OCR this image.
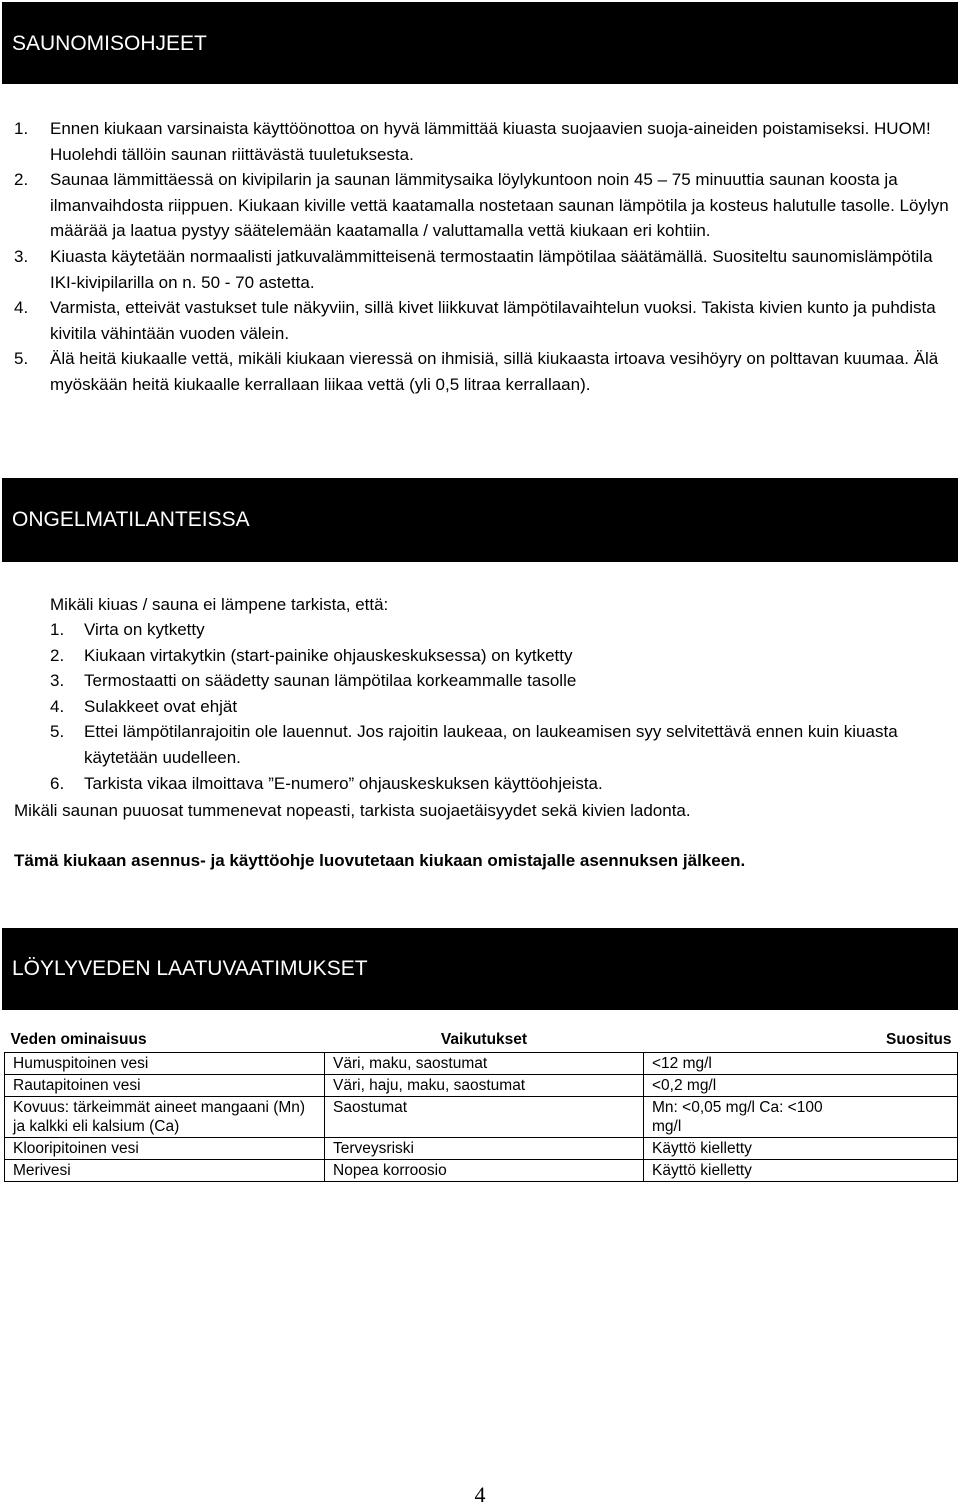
SAUNOMISOHJEET
1.	Ennen kiukaan varsinaista käyttöönottoa on hyvä lämmittää kiuasta suojaavien suoja-aineiden poistamiseksi. HUOM! Huolehdi tällöin saunan riittävästä tuuletuksesta.
2.	Saunaa lämmittäessä on kivipilarin ja saunan lämmitysaika löylykuntoon noin 45 – 75 minuuttia saunan koosta ja ilmanvaihdosta riippuen. Kiukaan kiville vettä kaatamalla nostetaan saunan lämpötila ja kosteus halutulle tasolle. Löylyn määrää ja laatua pystyy säätelemään kaatamalla / valuttamalla vettä kiukaan eri kohtiin.
3.	Kiuasta käytetään normaalisti jatkuvalämmitteisenä termostaatin lämpötilaa säätämällä. Suositeltu saunomislämpötila IKI-kivipilarilla on n. 50 - 70 astetta.
4.	Varmista, etteivät vastukset tule näkyviin, sillä kivet liikkuvat lämpötilavaihtelun vuoksi. Takista kivien kunto ja puhdista kivitila vähintään vuoden välein.
5.	Älä heitä kiukaalle vettä, mikäli kiukaan vieressä on ihmisiä, sillä kiukaasta irtoava vesihöyry on polttavan kuumaa. Älä myöskään heitä kiukaalle kerrallaan liikaa vettä (yli 0,5 litraa kerrallaan).
ONGELMATILANTEISSA
Mikäli kiuas / sauna ei lämpene tarkista, että:
1.	Virta on kytketty
2.	Kiukaan virtakytkin (start-painike ohjauskeskuksessa) on kytketty
3.	Termostaatti on säädetty saunan lämpötilaa korkeammalle tasolle
4.	Sulakkeet ovat ehjät
5.	Ettei lämpötilanrajoitin ole lauennut. Jos rajoitin laukeaa, on laukeamisen syy selvitettävä ennen kuin kiuasta käytetään uudelleen.
6.	Tarkista vikaa ilmoittava ”E-numero” ohjauskeskuksen käyttöohjeista.
Mikäli saunan puuosat tummenevat nopeasti, tarkista suojaetäisyydet sekä kivien ladonta.
Tämä kiukaan asennus- ja käyttöohje luovutetaan kiukaan omistajalle asennuksen jälkeen.
LÖYLYVEDEN LAATUVAATIMUKSET
Veden ominaisuus	Vaikutukset	Suositus
Humuspitoinen vesi	Väri, maku, saostumat	<12 mg/l
Rautapitoinen vesi	Väri, haju, maku, saostumat	<0,2 mg/l
Kovuus: tärkeimmät aineet mangaani (Mn) ja kalkki eli kalsium (Ca)	Saostumat	Mn: <0,05 mg/l Ca: <100 mg/l
Klooripitoinen vesi	Terveysriski	Käyttö kielletty
Merivesi	Nopea korroosio	Käyttö kielletty
4
